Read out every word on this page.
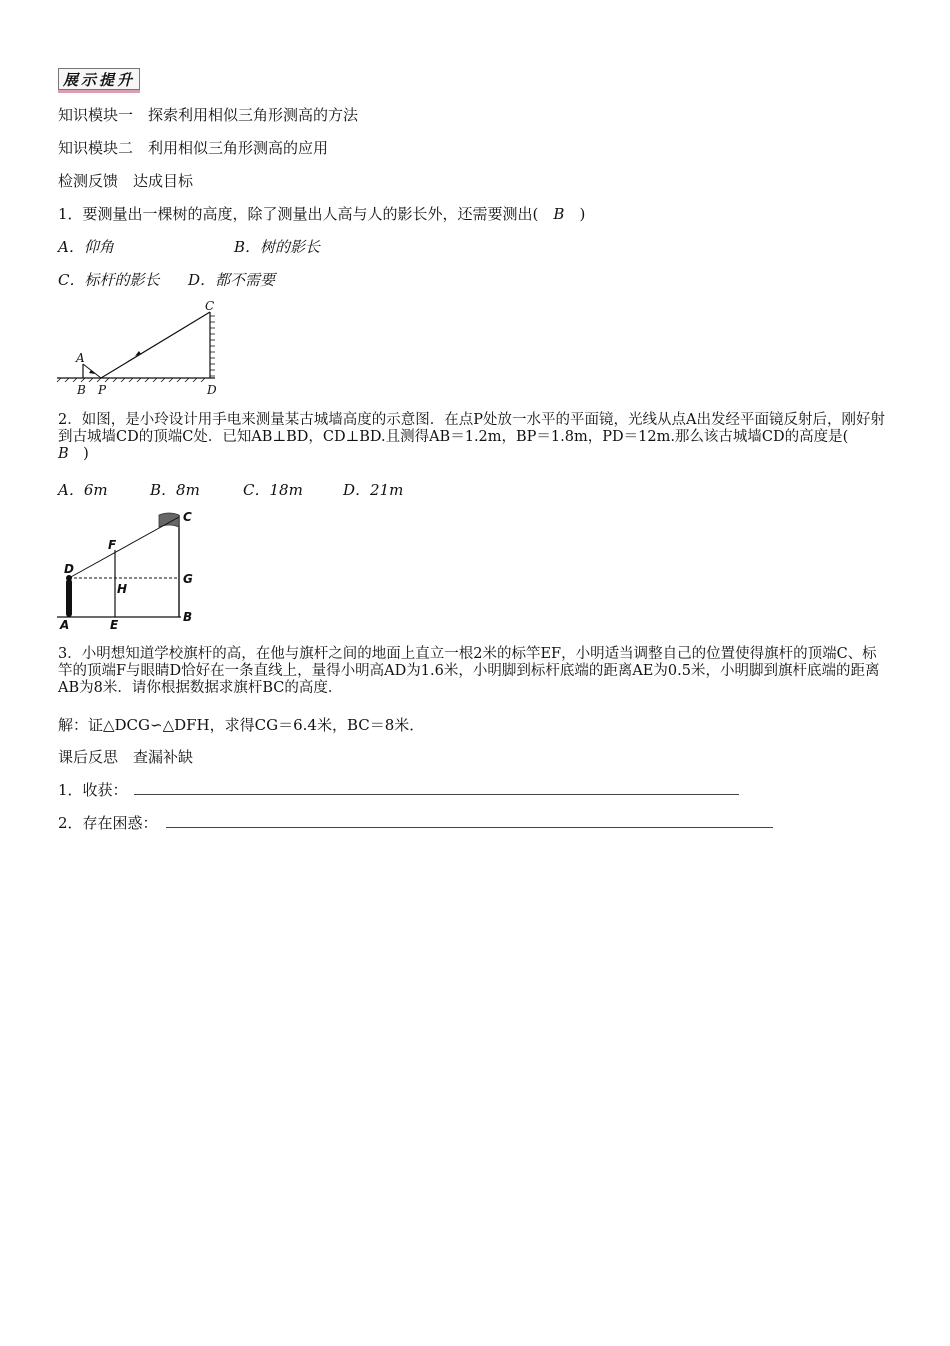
展示提升
知识模块一　探索利用相似三角形测高的方法
知识模块二　利用相似三角形测高的应用
检测反馈　达成目标
1．要测量出一棵树的高度，除了测量出人高与人的影长外，还需要测出(　B　)
A．仰角	B．树的影长
C．标杆的影长 D．都不需要
A
B P
C
D
2．如图，是小玲设计用手电来测量某古城墙高度的示意图．在点P处放一水平的平面镜，光线从点A出发经平面镜反射后，刚好射到古城墙CD的顶端C处．已知AB⊥BD，CD⊥BD.且测得AB＝1.2m，BP＝1.8m，PD＝12m.那么该古城墙CD的高度是(　B　)
A．6m	B．8m	C．18m	D．21m
C
F
D
G
H
A	E
B
3．小明想知道学校旗杆的高，在他与旗杆之间的地面上直立一根2米的标竿EF，小明适当调整自己的位置使得旗杆的顶端C、标竿的顶端F与眼睛D恰好在一条直线上，量得小明高AD为1.6米，小明脚到标杆底端的距离AE为0.5米，小明脚到旗杆底端的距离AB为8米．请你根据数据求旗杆BC的高度．
解：证△DCG∽△DFH，求得CG＝6.4米，BC＝8米．
课后反思　查漏补缺
1．收获：
2．存在困惑：
